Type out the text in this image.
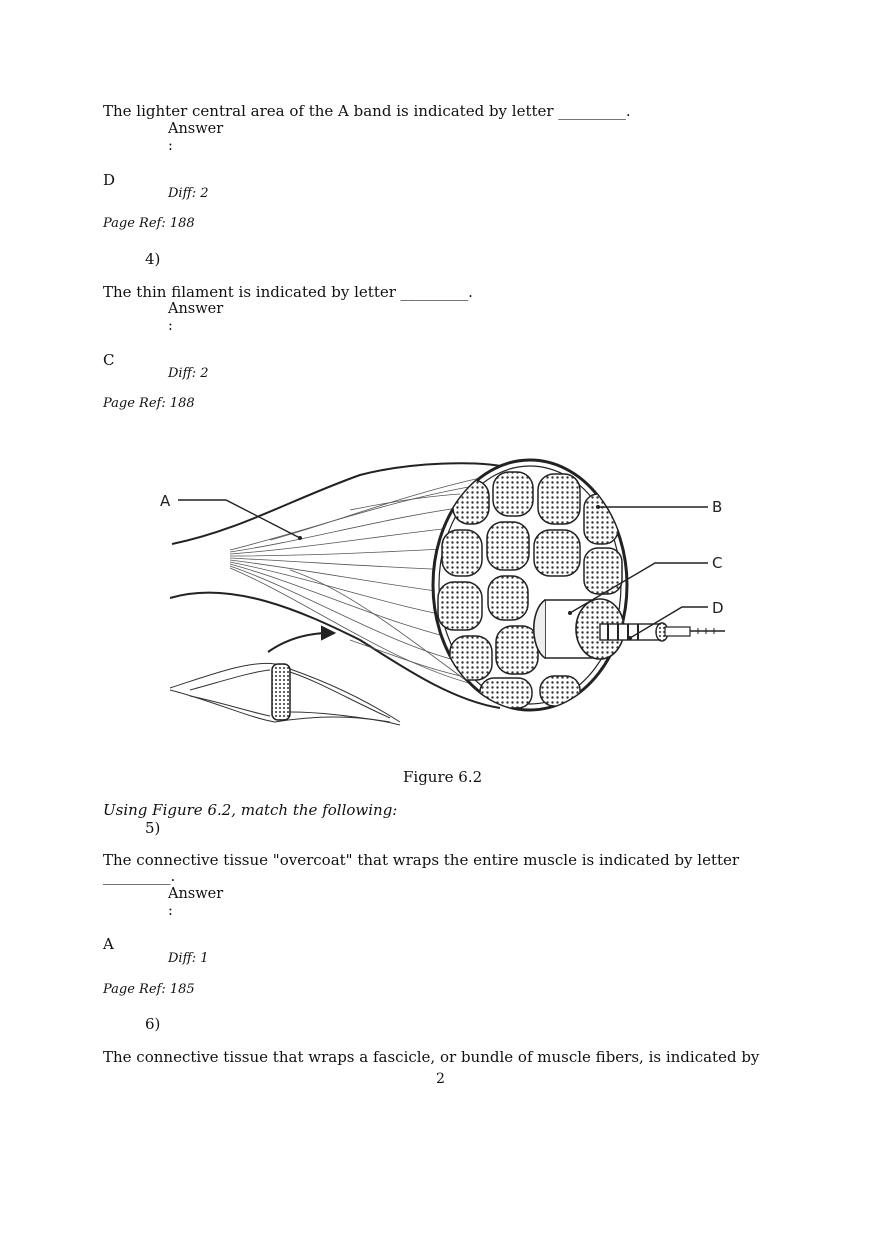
The lighter central area of the A band is indicated by letter _________.
Answer
:
D
Diff: 2
Page Ref: 188
4)
The thin filament is indicated by letter _________.
Answer
:
C
Diff: 2
Page Ref: 188
A	B
C
D
Figure 6.2
Using Figure 6.2, match the following:
5)
The connective tissue "overcoat" that wraps the entire muscle is indicated by letter
_________.
Answer
:
A
Diff: 1
Page Ref: 185
6)
The connective tissue that wraps a fascicle, or bundle of muscle fibers, is indicated by
2
